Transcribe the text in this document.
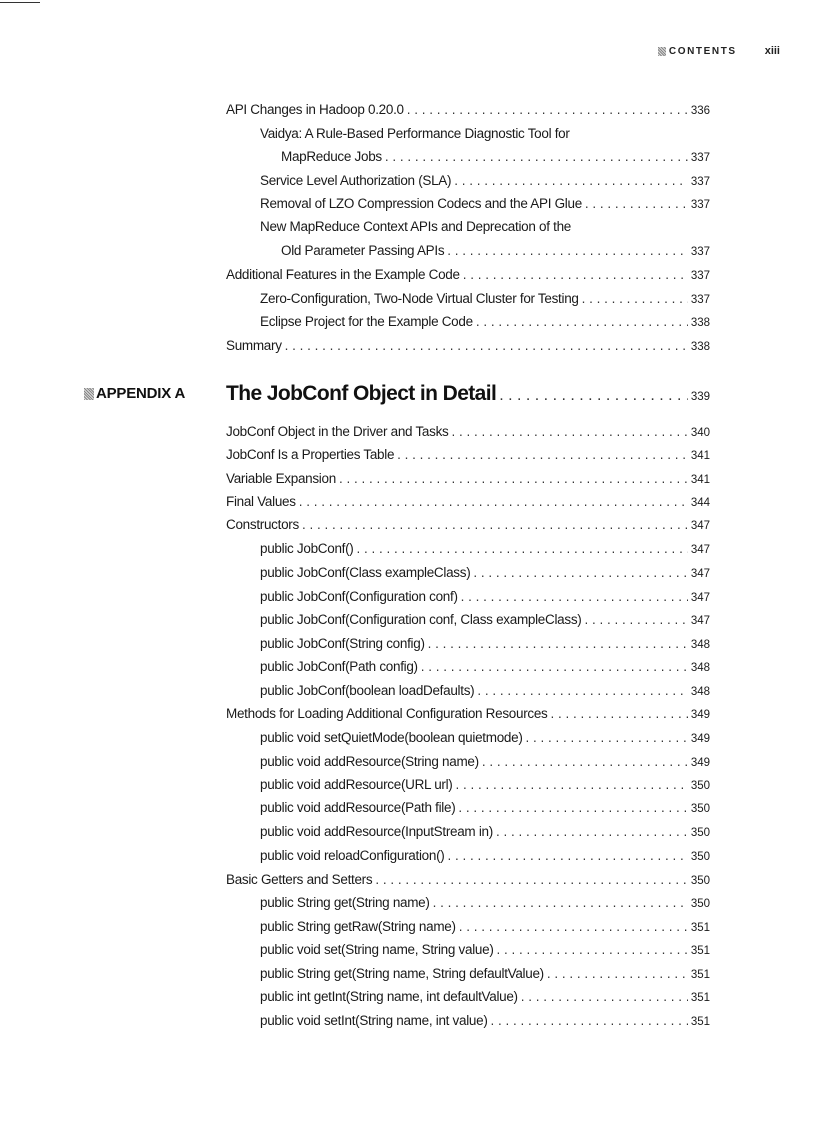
CONTENTS	xiii
API Changes in Hadoop 0.20.0 . . .	336
Vaidya: A Rule-Based Performance Diagnostic Tool for
MapReduce Jobs . . .	337
Service Level Authorization (SLA) . . .	337
Removal of LZO Compression Codecs and the API Glue . . .	337
New MapReduce Context APIs and Deprecation of the
Old Parameter Passing APIs . . .	337
Additional Features in the Example Code . . .	337
Zero-Configuration, Two-Node Virtual Cluster for Testing . . .	337
Eclipse Project for the Example Code . . .	338
Summary . . .	338
APPENDIX A The JobConf Object in Detail . . .	339
JobConf Object in the Driver and Tasks . . .	340
JobConf Is a Properties Table . . .	341
Variable Expansion . . .	341
Final Values . . .	344
Constructors . . .	347
public JobConf() . . .	347
public JobConf(Class exampleClass) . . .	347
public JobConf(Configuration conf) . . .	347
public JobConf(Configuration conf, Class exampleClass) . . .	347
public JobConf(String config) . . .	348
public JobConf(Path config) . . .	348
public JobConf(boolean loadDefaults) . . .	348
Methods for Loading Additional Configuration Resources . . .	349
public void setQuietMode(boolean quietmode) . . .	349
public void addResource(String name) . . .	349
public void addResource(URL url) . . .	350
public void addResource(Path file) . . .	350
public void addResource(InputStream in) . . .	350
public void reloadConfiguration() . . .	350
Basic Getters and Setters . . .	350
public String get(String name) . . .	350
public String getRaw(String name) . . .	351
public void set(String name, String value) . . .	351
public String get(String name, String defaultValue) . . .	351
public int getInt(String name, int defaultValue) . . .	351
public void setInt(String name, int value) . . .	351
